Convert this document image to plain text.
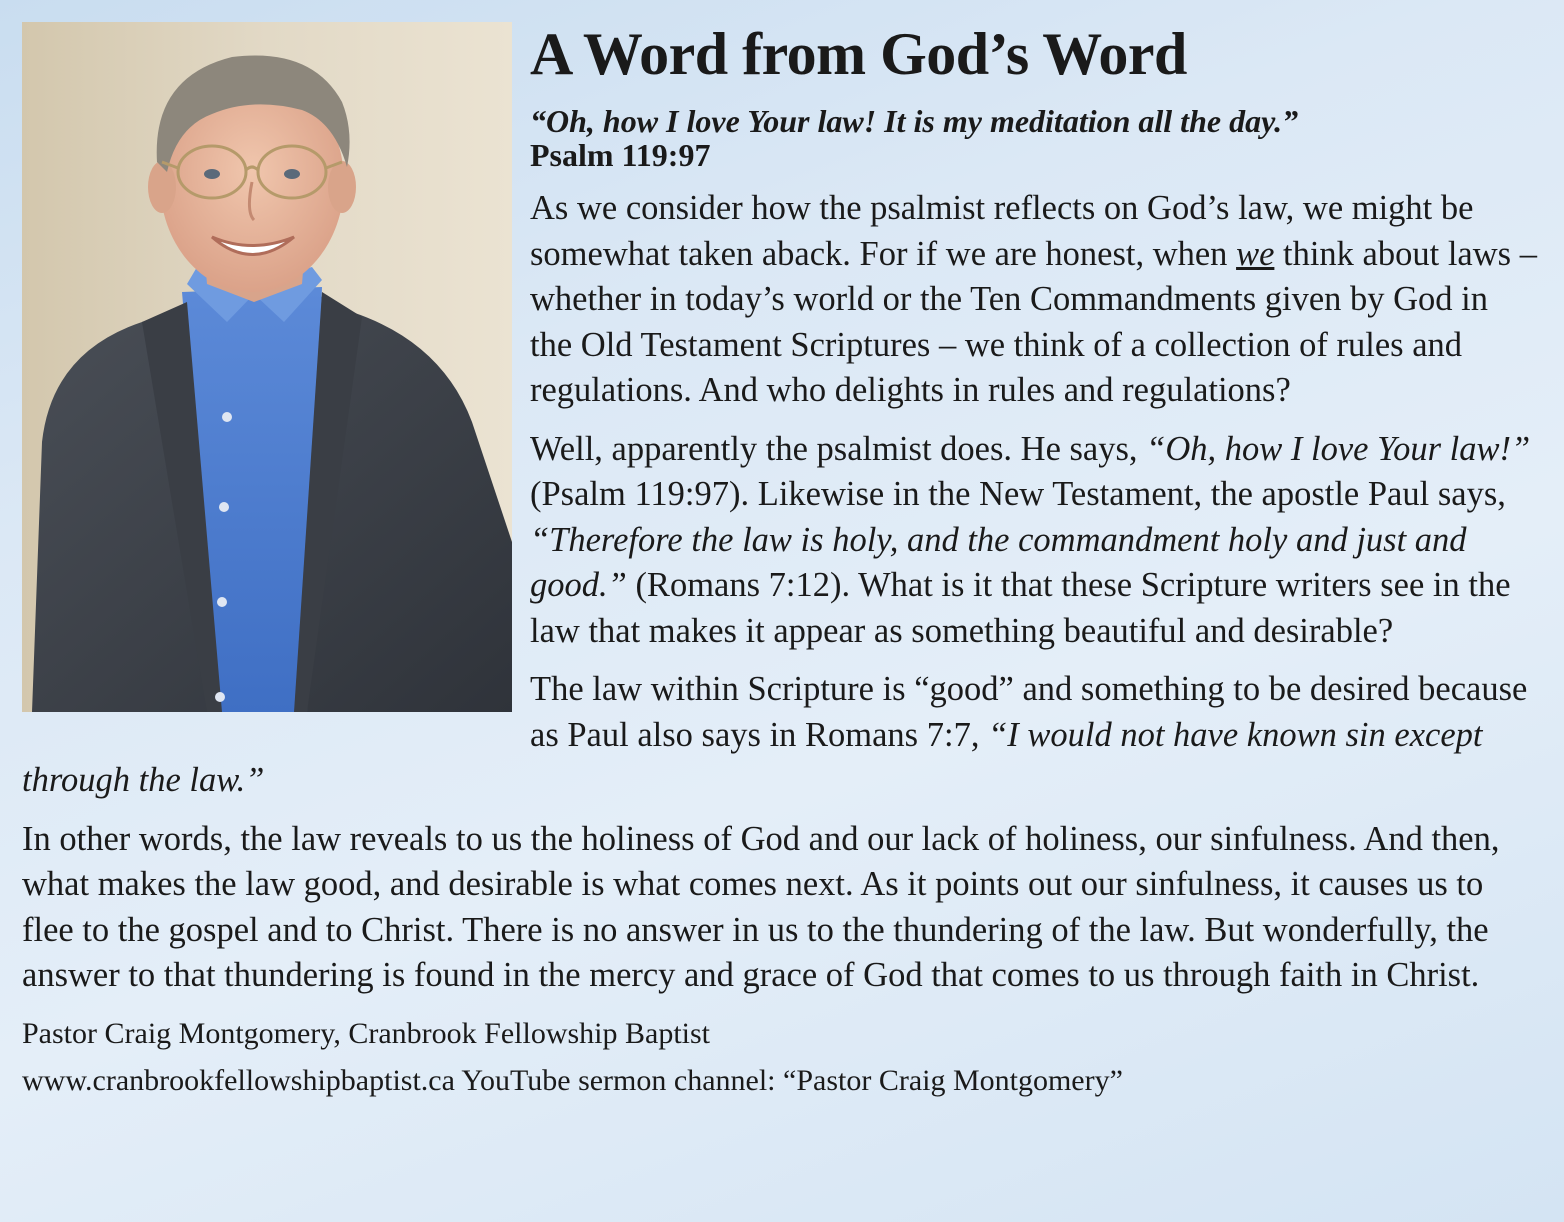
A Word from God’s Word
“Oh, how I love Your law! It is my meditation all the day.”
Psalm 119:97

As we consider how the psalmist reflects on God’s law, we might be somewhat taken aback. For if we are honest, when we think about laws – whether in today’s world or the Ten Commandments given by God in the Old Testament Scriptures – we think of a collection of rules and regulations. And who delights in rules and regulations?

Well, apparently the psalmist does. He says, “Oh, how I love Your law!” (Psalm 119:97). Likewise in the New Testament, the apostle Paul says, “Therefore the law is holy, and the commandment holy and just and good.” (Romans 7:12). What is it that these Scripture writers see in the law that makes it appear as something beautiful and desirable?

The law within Scripture is “good” and something to be desired because as Paul also says in Romans 7:7, “I would not have known sin except through the law.”

In other words, the law reveals to us the holiness of God and our lack of holiness, our sinfulness. And then, what makes the law good, and desirable is what comes next. As it points out our sinfulness, it causes us to flee to the gospel and to Christ. There is no answer in us to the thundering of the law. But wonderfully, the answer to that thundering is found in the mercy and grace of God that comes to us through faith in Christ.

Pastor Craig Montgomery, Cranbrook Fellowship Baptist
www.cranbrookfellowshipbaptist.ca YouTube sermon channel: “Pastor Craig Montgomery”
